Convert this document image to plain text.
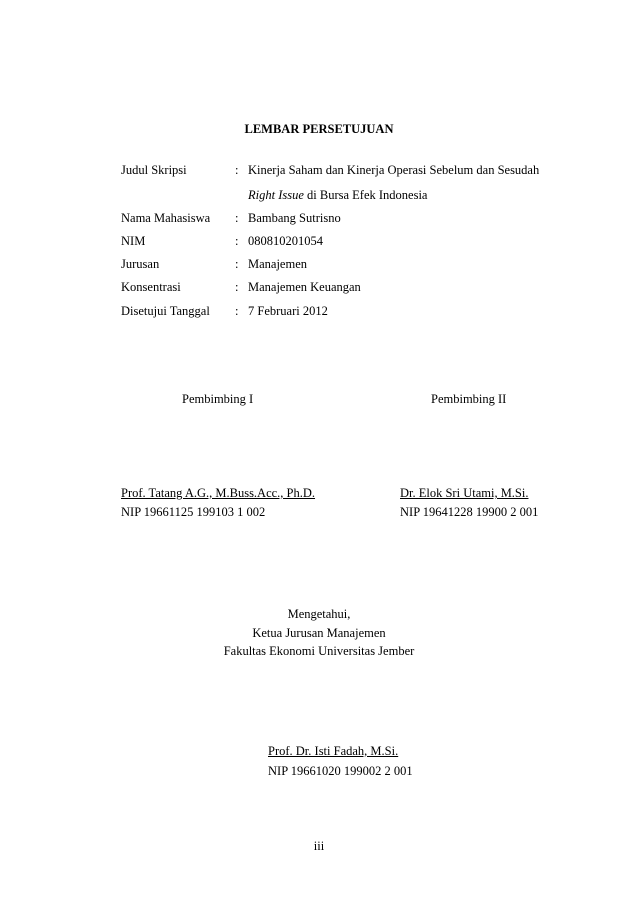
LEMBAR PERSETUJUAN
Judul Skripsi	: Kinerja Saham dan Kinerja Operasi Sebelum dan Sesudah
Right Issue di Bursa Efek Indonesia
Nama Mahasiswa : Bambang Sutrisno
NIM	: 080810201054
Jurusan	: Manajemen
Konsentrasi	: Manajemen Keuangan
Disetujui Tanggal : 7 Februari 2012
Pembimbing I	Pembimbing II
Prof. Tatang A.G., M.Buss.Acc., Ph.D.
NIP 19661125 199103 1 002
Dr. Elok Sri Utami, M.Si.
NIP 19641228 19900 2 001
Mengetahui,
Ketua Jurusan Manajemen
Fakultas Ekonomi Universitas Jember
Prof. Dr. Isti Fadah, M.Si.
NIP 19661020 199002 2 001
iii
